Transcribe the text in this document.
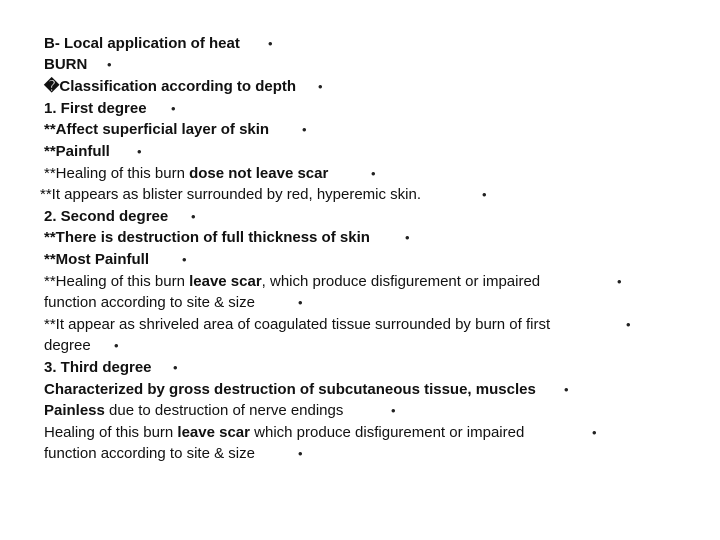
B- Local application of heat •
BURN •
�Classification according to depth •
1. First degree •
**Affect superficial layer of skin	•
**Painfull •
**Healing of this burn dose not leave scar	•
**It appears as blister surrounded by red, hyperemic skin.	•
2. Second degree •
**There is destruction of full thickness of skin	•
**Most Painfull	•
**Healing of this burn leave scar, which produce disfigurement or impaired	•
function according to site & size	•
**It appear as shriveled area of coagulated tissue surrounded by burn of first	•
degree •
3. Third degree •
Characterized by gross destruction of subcutaneous tissue, muscles •
Painless due to destruction of nerve endings	•
Healing of this burn leave scar which produce disfigurement or impaired	•
function according to site & size	•
